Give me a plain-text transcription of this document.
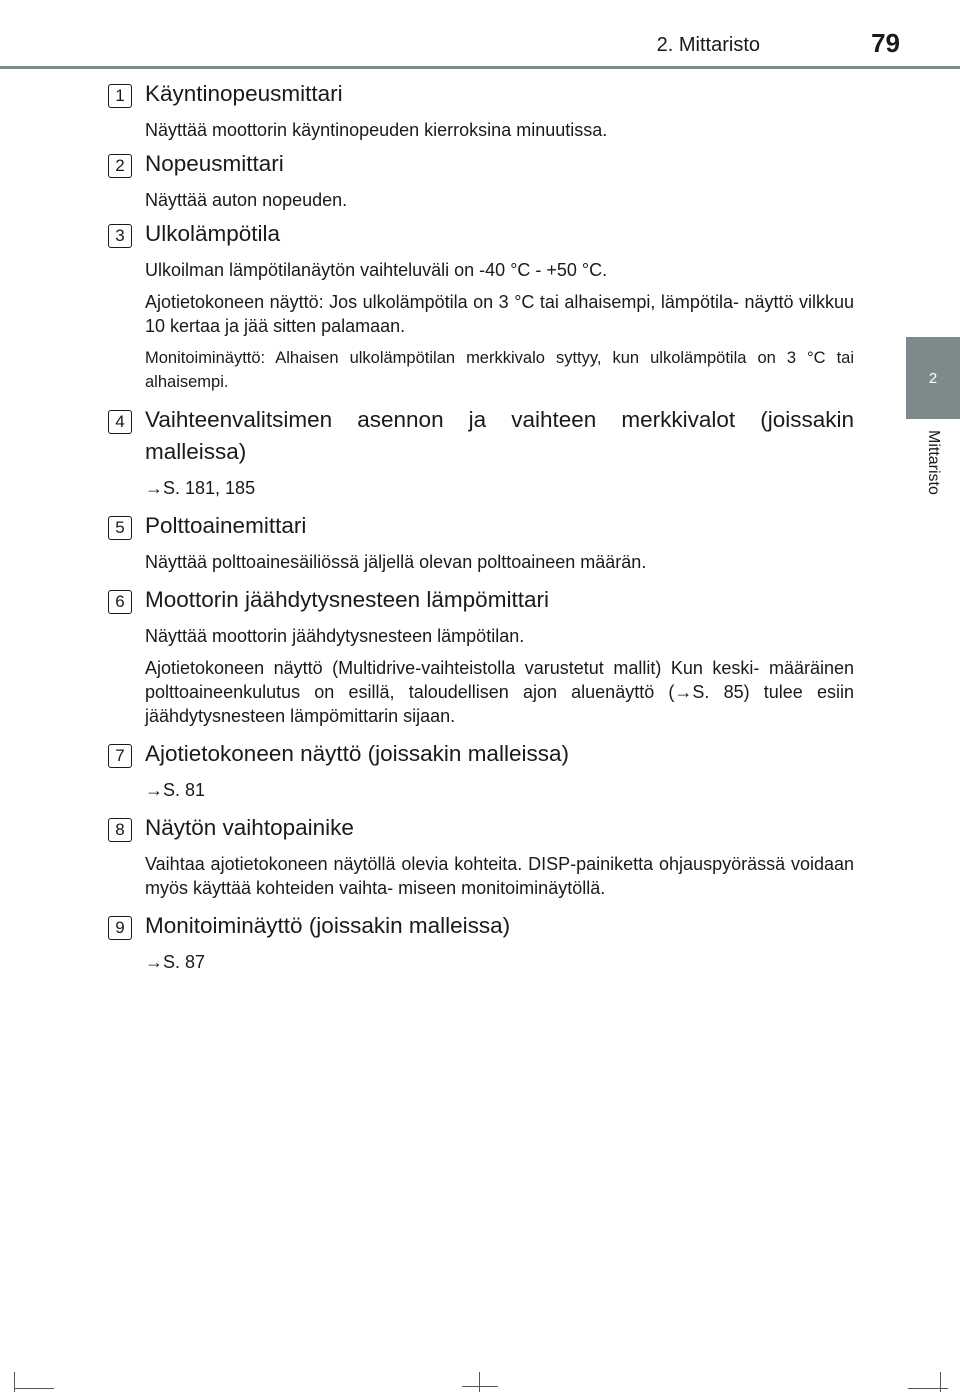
2. Mittaristo	79
2
Mittaristo
1 Käyntinopeusmittari

Näyttää moottorin käyntinopeuden kierroksina minuutissa.

2 Nopeusmittari

Näyttää auton nopeuden.

3 Ulkolämpötila

Ulkoilman lämpötilanäytön vaihteluväli on -40 °C - +50 °C.

Ajotietokoneen näyttö: Jos ulkolämpötila on 3 °C tai alhaisempi, lämpötila- näyttö vilkkuu 10 kertaa ja jää sitten palamaan.

Monitoiminäyttö: Alhaisen ulkolämpötilan merkkivalo syttyy, kun ulkolämpötila on 3 °C tai alhaisempi.

4 Vaihteenvalitsimen asennon ja vaihteen merkkivalot (joissakin malleissa)

→S. 181, 185

5 Polttoainemittari

Näyttää polttoainesäiliössä jäljellä olevan polttoaineen määrän.

6 Moottorin jäähdytysnesteen lämpömittari

Näyttää moottorin jäähdytysnesteen lämpötilan.

Ajotietokoneen näyttö (Multidrive-vaihteistolla varustetut mallit) Kun keski- määräinen polttoaineenkulutus on esillä, taloudellisen ajon aluenäyttö (→S. 85) tulee esiin jäähdytysnesteen lämpömittarin sijaan.

7 Ajotietokoneen näyttö (joissakin malleissa)

→S. 81

8 Näytön vaihtopainike

Vaihtaa ajotietokoneen näytöllä olevia kohteita. DISP-painiketta ohjauspyörässä voidaan myös käyttää kohteiden vaihta- miseen monitoiminäytöllä.

9 Monitoiminäyttö (joissakin malleissa)

→S. 87
